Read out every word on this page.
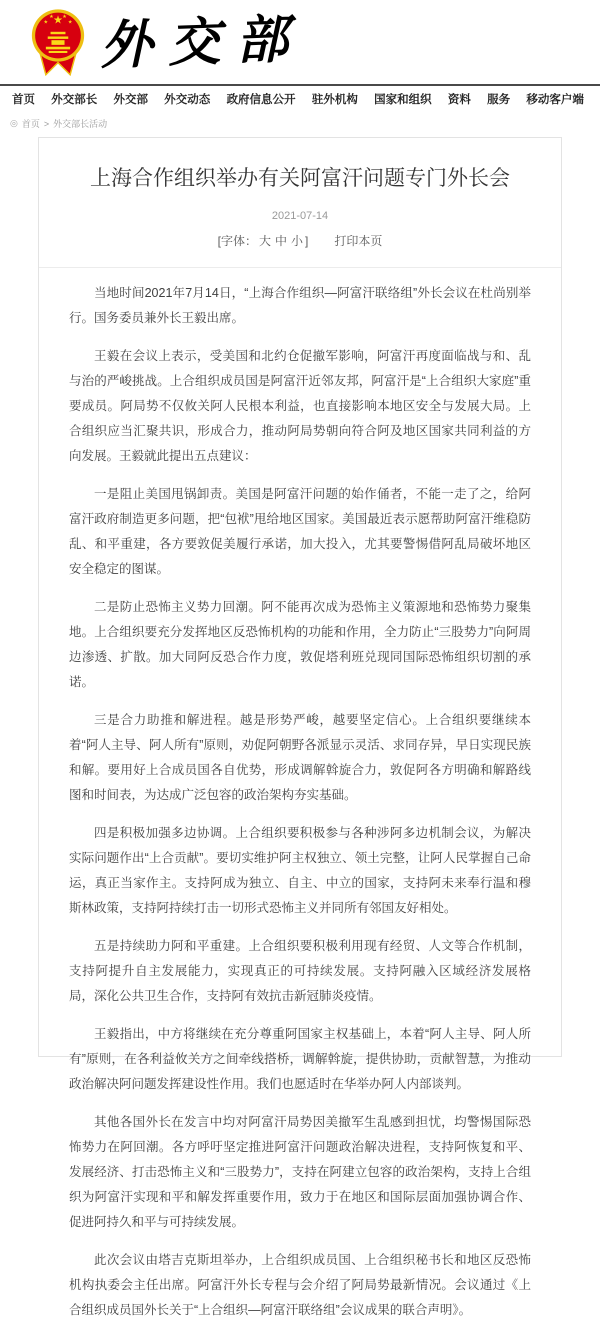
★
★
★ ★
★ 外交部
首页 外交部长 外交部 外交动态 政府信息公开 驻外机构 国家和组织 资料 服务 移动客户端
◎ 首页 > 外交部长活动
上海合作组织举办有关阿富汗问题专门外长会
2021-07-14
[字体： 大 中 小 ] 打印本页

当地时间2021年7月14日，“上海合作组织—阿富汗联络组”外长会议在杜尚别举行。国务委员兼外长王毅出席。

王毅在会议上表示，受美国和北约仓促撤军影响，阿富汗再度面临战与和、乱与治的严峻挑战。上合组织成员国是阿富汗近邻友邦，阿富汗是“上合组织大家庭”重要成员。阿局势不仅攸关阿人民根本利益，也直接影响本地区安全与发展大局。上合组织应当汇聚共识，形成合力，推动阿局势朝向符合阿及地区国家共同利益的方向发展。王毅就此提出五点建议：

一是阻止美国甩锅卸责。美国是阿富汗问题的始作俑者，不能一走了之，给阿富汗政府制造更多问题，把“包袱”甩给地区国家。美国最近表示愿帮助阿富汗维稳防乱、和平重建，各方要敦促美履行承诺，加大投入，尤其要警惕借阿乱局破坏地区安全稳定的图谋。

二是防止恐怖主义势力回潮。阿不能再次成为恐怖主义策源地和恐怖势力聚集地。上合组织要充分发挥地区反恐怖机构的功能和作用，全力防止“三股势力”向阿周边渗透、扩散。加大同阿反恐合作力度，敦促塔利班兑现同国际恐怖组织切割的承诺。

三是合力助推和解进程。越是形势严峻，越要坚定信心。上合组织要继续本着“阿人主导、阿人所有”原则，劝促阿朝野各派显示灵活、求同存异，早日实现民族和解。要用好上合成员国各自优势，形成调解斡旋合力，敦促阿各方明确和解路线图和时间表，为达成广泛包容的政治架构夯实基础。

四是积极加强多边协调。上合组织要积极参与各种涉阿多边机制会议，为解决实际问题作出“上合贡献”。要切实维护阿主权独立、领土完整，让阿人民掌握自己命运，真正当家作主。支持阿成为独立、自主、中立的国家，支持阿未来奉行温和穆斯林政策，支持阿持续打击一切形式恐怖主义并同所有邻国友好相处。

五是持续助力阿和平重建。上合组织要积极利用现有经贸、人文等合作机制，支持阿提升自主发展能力，实现真正的可持续发展。支持阿融入区域经济发展格局，深化公共卫生合作，支持阿有效抗击新冠肺炎疫情。

王毅指出，中方将继续在充分尊重阿国家主权基础上，本着“阿人主导、阿人所有”原则，在各利益攸关方之间牵线搭桥，调解斡旋，提供协助，贡献智慧，为推动政治解决阿问题发挥建设性作用。我们也愿适时在华举办阿人内部谈判。

其他各国外长在发言中均对阿富汗局势因美撤军生乱感到担忧，均警惕国际恐怖势力在阿回潮。各方呼吁坚定推进阿富汗问题政治解决进程，支持阿恢复和平、发展经济、打击恐怖主义和“三股势力”，支持在阿建立包容的政治架构，支持上合组织为阿富汗实现和平和解发挥重要作用，致力于在地区和国际层面加强协调合作、促进阿持久和平与可持续发展。

此次会议由塔吉克斯坦举办，上合组织成员国、上合组织秘书长和地区反恐怖机构执委会主任出席。阿富汗外长专程与会介绍了阿局势最新情况。会议通过《上合组织成员国外长关于“上合组织—阿富汗联络组”会议成果的联合声明》。
